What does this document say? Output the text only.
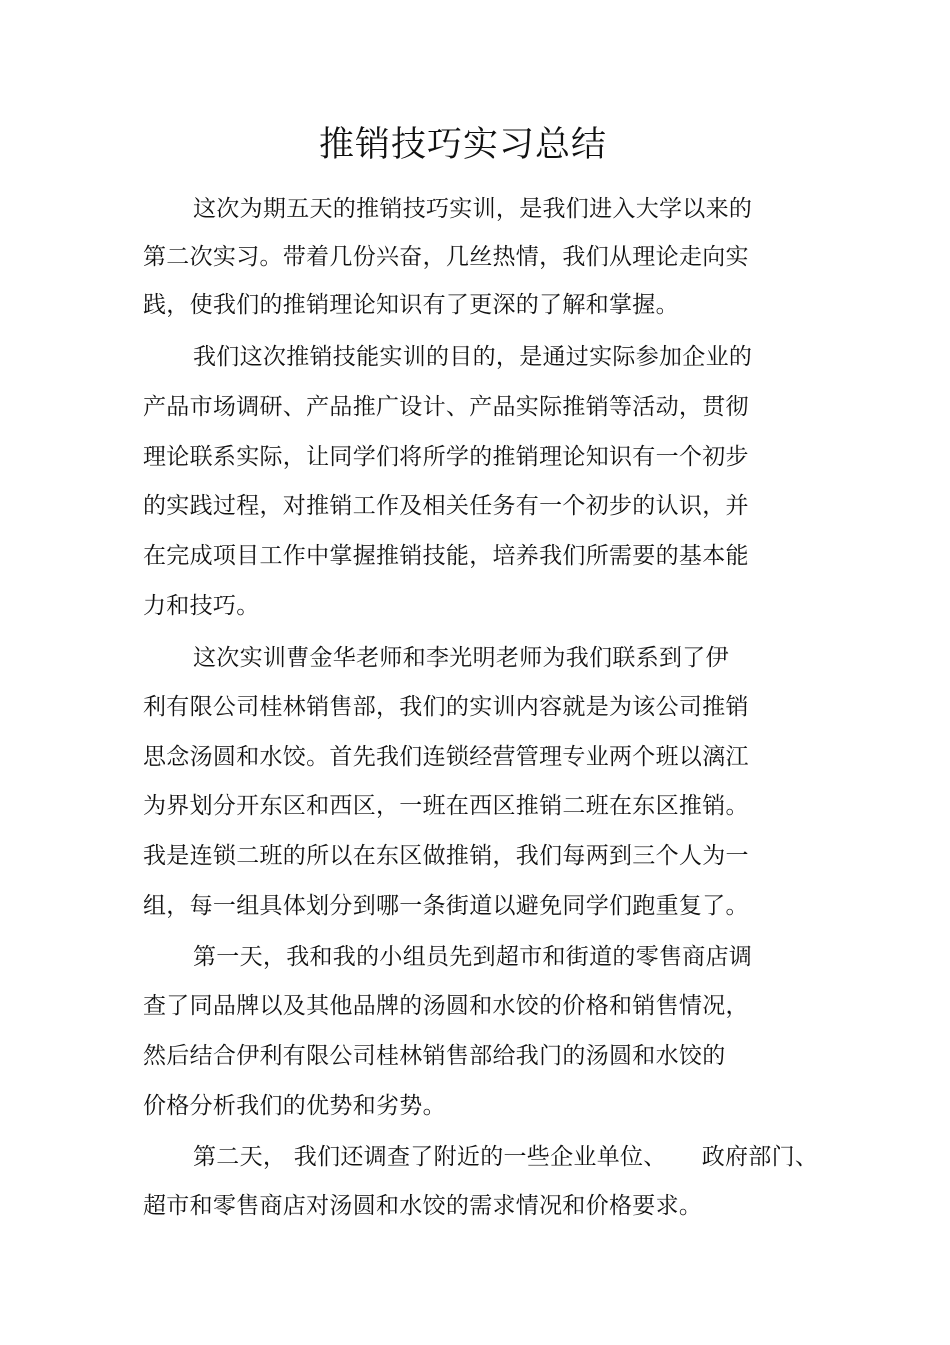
推销技巧实习总结

这次为期五天的推销技巧实训，是我们进入大学以来的

第二次实习。带着几份兴奋，几丝热情，我们从理论走向实

践，使我们的推销理论知识有了更深的了解和掌握。

我们这次推销技能实训的目的，是通过实际参加企业的

产品市场调研、产品推广设计、产品实际推销等活动，贯彻

理论联系实际，让同学们将所学的推销理论知识有一个初步

的实践过程，对推销工作及相关任务有一个初步的认识，并

在完成项目工作中掌握推销技能，培养我们所需要的基本能

力和技巧。

这次实训曹金华老师和李光明老师为我们联系到了伊

利有限公司桂林销售部，我们的实训内容就是为该公司推销

思念汤圆和水饺。首先我们连锁经营管理专业两个班以漓江

为界划分开东区和西区，一班在西区推销二班在东区推销。

我是连锁二班的所以在东区做推销，我们每两到三个人为一

组，每一组具体划分到哪一条街道以避免同学们跑重复了。

第一天，我和我的小组员先到超市和街道的零售商店调

查了同品牌以及其他品牌的汤圆和水饺的价格和销售情况，

然后结合伊利有限公司桂林销售部给我门的汤圆和水饺的

价格分析我们的优势和劣势。

第二天， 我们还调查了附近的一些企业单位、　　政府部门、

超市和零售商店对汤圆和水饺的需求情况和价格要求。
